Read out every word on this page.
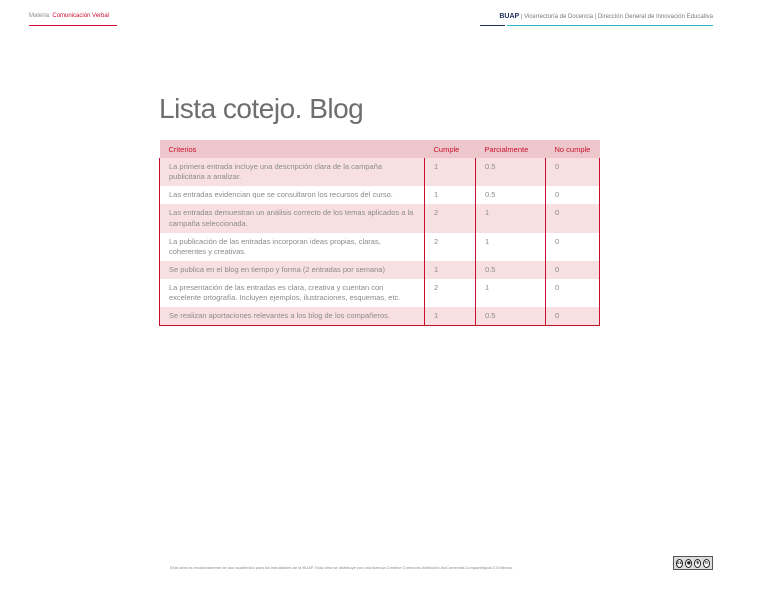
Materia: Comunicación Verbal	BUAP | Vicerrectoría de Docencia | Dirección General de Innovación Educativa
Lista cotejo. Blog
Criterios	Cumple	Parcialmente	No cumple
La primera entrada incluye una descripción clara de la campaña publicitaria a analizar.	1	0.5	0
Las entradas evidencian que se consultaron los recursos del curso.	1	0.5	0
Las entradas demuestran un análisis correcto de los temas aplicados a la campaña seleccionada.	2	1	0
La publicación de las entradas incorporan ideas propias, claras, coherentes y creativas.	2	1	0
Se publica en el blog en tiempo y forma (2 entradas por semana)	1	0.5	0
La presentación de las entradas es clara, creativa y cuentan con excelente ortografía. Incluyen ejemplos, ilustraciones, esquemas, etc.	2	1	0
Se realizan aportaciones relevantes a los blog de los compañeros.	1	0.5	0
Esta obra es exclusivamente de uso académico para los estudiantes de la BUAP. Esta obra se distribuye con una licencia Creative Commons Atribución-NoComercial-CompartirIgual 2.5 México.
cc ●	$	↻
